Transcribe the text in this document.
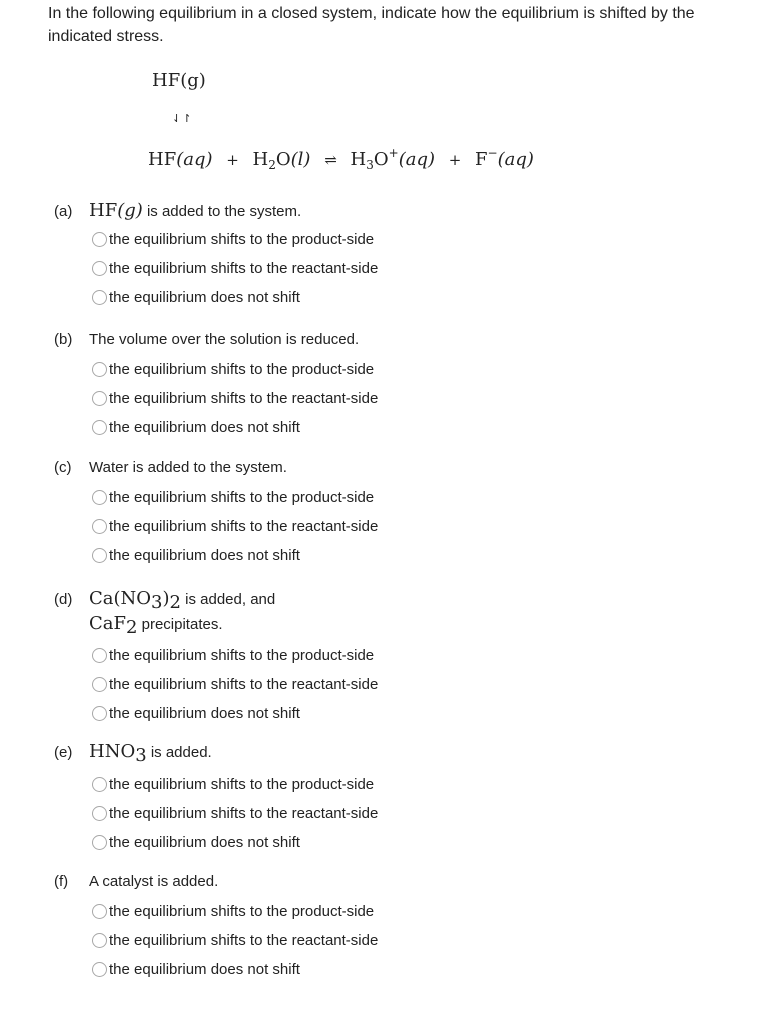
In the following equilibrium in a closed system, indicate how the equilibrium is shifted by the indicated stress.
HF(g)
⇃↾
$HF(aq) + H_2O(l)$ ⇌ $H_3O^+(aq) + F^-(aq)$
(a) HF(g) is added to the system.
the equilibrium shifts to the product-side
the equilibrium shifts to the reactant-side
the equilibrium does not shift
(b)	The volume over the solution is reduced.
the equilibrium shifts to the product-side
the equilibrium shifts to the reactant-side
the equilibrium does not shift
(c)	Water is added to the system.
the equilibrium shifts to the product-side
the equilibrium shifts to the reactant-side
the equilibrium does not shift
(d) $Ca(NO_3)_2$ is added, and
CaF$_2$ precipitates.
the equilibrium shifts to the product-side
the equilibrium shifts to the reactant-side
the equilibrium does not shift
(e) $HNO_3$ is added.
the equilibrium shifts to the product-side
the equilibrium shifts to the reactant-side
the equilibrium does not shift
(f)	A catalyst is added.
the equilibrium shifts to the product-side
the equilibrium shifts to the reactant-side
the equilibrium does not shift
